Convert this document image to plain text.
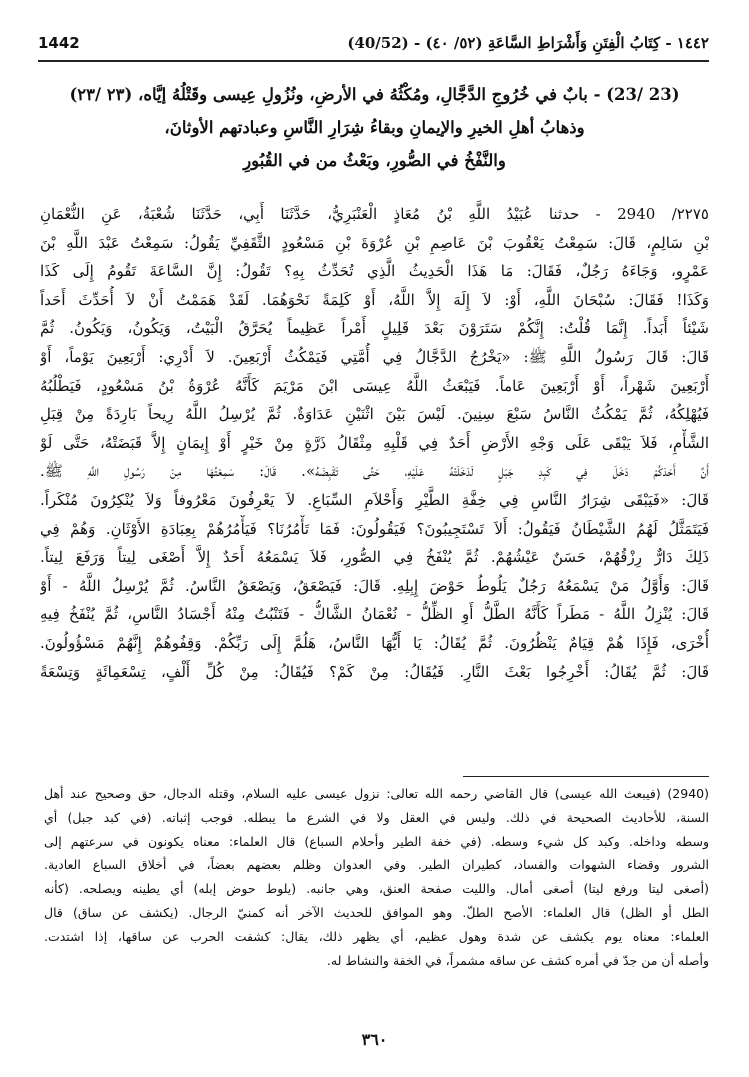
1442	١٤٤٢ - كِتَابُ الْفِتَنِ وَأَشْرَاطِ السَّاعَةِ (٥٢/ ٤٠) - (40/52)
(23 /23) - بابٌ في خُرُوجِ الدَّجَّالِ، ومُكْثُهُ في الأرضِ، ونُزُولِ عِيسى وقَتْلُهُ إيَّاه، (٢٣ /٢٣)
وذهابُ أهلِ الخيرِ والإيمانِ وبقاءُ شِرَارِ النَّاسِ وعبادتهم الأوثانَ،
والنَّفْخُ في الصُّورِ، وبَعْثُ من في القُبُورِ
٢٢٧٥/ 2940 - حدثنا عُبَيْدُ اللَّهِ بْنُ مُعَاذٍ الْعَنْبَرِيُّ، حَدَّثَنَا أَبِي، حَدَّثَنَا شُعْبَةُ، عَنِ النُّعْمَانِ
بْنِ سَالِمٍ، قَالَ: سَمِعْتُ يَعْقُوبَ بْنَ عَاصِمِ بْنِ عُرْوَةَ بْنِ مَسْعُودٍ الثَّقَفِيِّ يَقُولُ: سَمِعْتُ عَبْدَ اللَّهِ بْنَ
عَمْرٍو، وَجَاءَهُ رَجُلٌ، فَقَالَ: مَا هَذَا الْحَدِيثُ الَّذِي تُحَدِّثُ بِهِ؟ تَقُولُ: إِنَّ السَّاعَةَ تَقُومُ إِلَى كَذَا
وَكَذَا! فَقَالَ: سُبْحَانَ اللَّهِ، أَوْ: لاَ إِلَهَ إِلاَّ اللَّهُ، أَوْ كَلِمَةً نَحْوَهُمَا. لَقَدْ هَمَمْتُ أَنْ لاَ أُحَدِّثَ أَحَداً
شَيْئاً أَبَداً. إِنَّمَا قُلْتُ: إِنَّكُمْ سَتَرَوْنَ بَعْدَ قَلِيلٍ أَمْراً عَظِيماً يُحَرَّقُ الْبَيْتُ، وَيَكُونُ، وَيَكُونُ. ثُمَّ
قَالَ: قَالَ رَسُولُ اللَّهِ ﷺ: «يَخْرُجُ الدَّجَّالُ فِي أُمَّتِي فَيَمْكُثُ أَرْبَعِينَ. لاَ أَدْرِي: أَرْبَعِينَ يَوْماً، أَوْ
أَرْبَعِينَ شَهْراً، أَوْ أَرْبَعِينَ عَاماً. فَيَبْعَثُ اللَّهُ عِيسَى ابْنَ مَرْيَمَ كَأَنَّهُ عُرْوَةُ بْنُ مَسْعُودٍ، فَيَطْلُبُهُ
فَيُهْلِكُهُ، ثُمَّ يَمْكُثُ النَّاسُ سَبْعَ سِنِينَ. لَيْسَ بَيْنَ اثْنَيْنِ عَدَاوَةٌ. ثُمَّ يُرْسِلُ اللَّهُ رِيحاً بَارِدَةً مِنْ قِبَلِ
الشَّأْمِ، فَلاَ يَبْقَى عَلَى وَجْهِ الأَرْضِ أَحَدٌ فِي قَلْبِهِ مِثْقَالُ ذَرَّةٍ مِنْ خَيْرٍ أَوْ إِيمَانٍ إِلاَّ قَبَضَتْهُ، حَتَّى لَوْ
أَنَّ أَحَدَكُمْ دَخَلَ فِي كَبِدِ جَبَلٍ لَدَخَلَتْهُ عَلَيْهِ، حَتَّى تَقْبِضَهُ». قَالَ: سَمِعْتُهَا مِنْ رَسُولِ اللَّهِ ﷺ.
قَالَ: «فَيَبْقَى شِرَارُ النَّاسِ فِي خِفَّةِ الطَّيْرِ وَأَحْلاَمِ السِّبَاعِ. لاَ يَعْرِفُونَ مَعْرُوفاً وَلاَ يُنْكِرُونَ مُنْكَراً.
فَيَتَمَثَّلُ لَهُمُ الشَّيْطَانُ فَيَقُولُ: أَلاَ تَسْتَجِيبُونَ؟ فَيَقُولُونَ: فَمَا تَأْمُرُنَا؟ فَيَأْمُرُهُمْ بِعِبَادَةِ الأَوْثَانِ. وَهُمْ فِي
ذَلِكَ دَارٌّ رِزْقُهُمْ، حَسَنٌ عَيْشُهُمْ. ثُمَّ يُنْفَخُ فِي الصُّورِ، فَلاَ يَسْمَعُهُ أَحَدٌ إِلاَّ أَصْغَى لِيتاً وَرَفَعَ لِيتاً.
قَالَ: وَأَوَّلُ مَنْ يَسْمَعُهُ رَجُلٌ يَلُوطُ حَوْضَ إِبِلِهِ. قَالَ: فَيَصْعَقُ، وَيَصْعَقُ النَّاسُ. ثُمَّ يُرْسِلُ اللَّهُ - أَوْ
قَالَ: يُنْزِلُ اللَّهُ - مَطَراً كَأَنَّهُ الطَّلُّ أَوِ الظِّلُّ - نُعْمَانُ الشَّاكُّ - فَتَنْبُتُ مِنْهُ أَجْسَادُ النَّاسِ، ثُمَّ يُنْفَخُ فِيهِ
أُخْرَى، فَإِذَا هُمْ قِيَامٌ يَنْظُرُونَ. ثُمَّ يُقَالُ: يَا أَيُّهَا النَّاسُ، هَلُمَّ إِلَى رَبِّكُمْ. وَقِفُوهُمْ إِنَّهُمْ مَسْؤُولُونَ.
قَالَ: ثُمَّ يُقَالُ: أَخْرِجُوا بَعْثَ النَّارِ. فَيُقَالُ: مِنْ كَمْ؟ فَيُقَالُ: مِنْ كُلِّ أَلْفٍ، تِسْعَمِائَةٍ وَتِسْعَةً
(2940) (فيبعث الله عيسى) قال القاضي رحمه الله تعالى: نزول عيسى عليه السلام، وقتله الدجال، حق وصحيح عند أهل
السنة، للأحاديث الصحيحة في ذلك. وليس في العقل ولا في الشرع ما يبطله. فوجب إثباته. (في كبد جبل) أي
وسطه وداخله. وكبد كل شيء وسطه. (في خفة الطير وأحلام السباع) قال العلماء: معناه يكونون في سرعتهم إلى
الشرور وقضاء الشهوات والفساد، كطيران الطير. وفي العدوان وظلم بعضهم بعضاً، في أخلاق السباع العادية.
(أصغى ليتا ورفع ليتا) أصغى أمال. والليت صفحة العنق، وهي جانبه. (يلوط حوض إبله) أي يطينه ويصلحه. (كأنه
الطل أو الظل) قال العلماء: الأصح الطلّ. وهو الموافق للحديث الآخر أنه كمنيّ الرجال. (يكشف عن ساق) قال
العلماء: معناه يوم يكشف عن شدة وهول عظيم، أي يظهر ذلك، يقال: كشفت الحرب عن ساقها، إذا اشتدت.
وأصله أن من جدّ في أمره كشف عن ساقه مشمراً، في الخفة والنشاط له.
٣٦٠
